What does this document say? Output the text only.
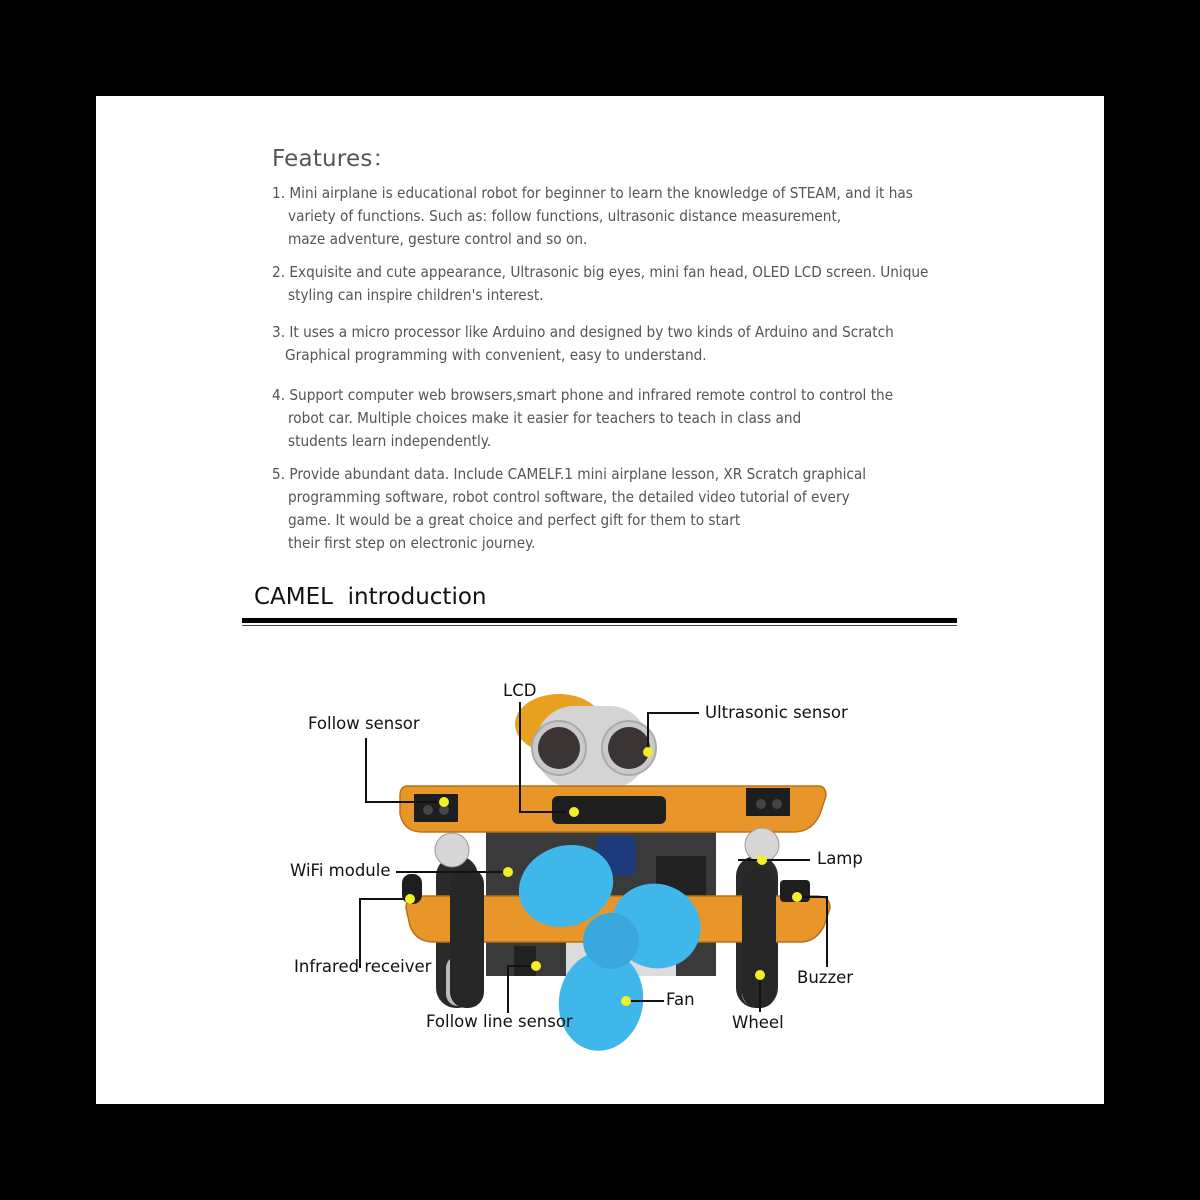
Features：
1. Mini airplane is educational robot for beginner to learn the knowledge of STEAM, and it has
variety of functions. Such as: follow functions, ultrasonic distance measurement,
maze adventure, gesture control and so on.
2. Exquisite and cute appearance, Ultrasonic big eyes, mini fan head, OLED LCD screen. Unique
styling can inspire children's interest.
3. It uses a micro processor like Arduino and designed by two kinds of Arduino and Scratch
Graphical programming with convenient, easy to understand.
4. Support computer web browsers,smart phone and infrared remote control to control the
robot car. Multiple choices make it easier for teachers to teach in class and
students learn independently.
5. Provide abundant data. Include CAMELF.1 mini airplane lesson, XR Scratch graphical
programming software, robot control software, the detailed video tutorial of every
game. It would be a great choice and perfect gift for them to start
their first step on electronic journey.
CAMEL  introduction
Follow sensor
LCD
Ultrasonic sensor
WiFi module
Lamp
Infrared receiver
Buzzer
Follow line sensor
Fan
Wheel
